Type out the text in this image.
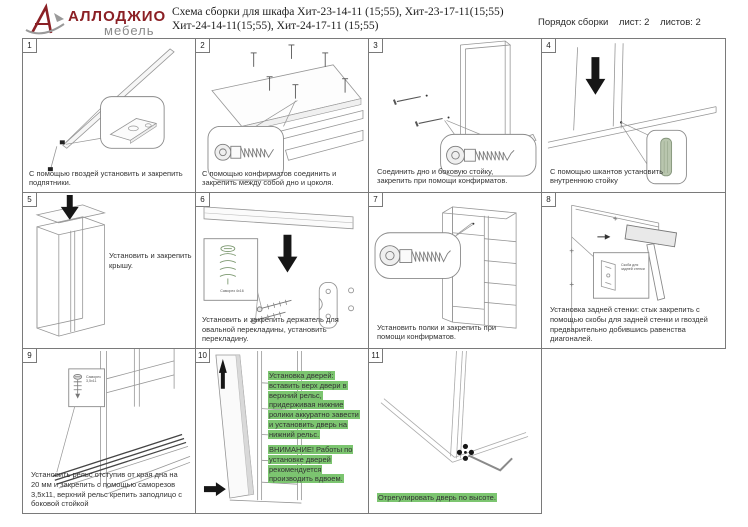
АЛЛОДЖИО
мебель
Схема сборки для шкафа Хит-23-14-11 (15;55), Хит-23-17-11(15;55)
Хит-24-14-11(15;55), Хит-24-17-11 (15;55)	Порядок сборки лист: 2 листов: 2
1
С помощью гвоздей установить и закрепить подпятники.
2
С помощью конфирматов соединить и закрепить между собой дно и цоколя.
3
Соединить дно и боковую стойку, закрепить при помощи конфирматов.
4
С помощью шкантов установить внутреннюю стойку
5
Установить и закрепить крышу.
6
Саморез 4х16
Установить и закрепить держатель для овальной перекладины, установить перекладину.
7
Установить полки и закрепить при помощи конфирматов.
8
Скоба для задней стенки
Установка задней стенки: стык закрепить с помощью скобы для задней стенки и гвоздей предварительно добившись равенства диагоналей.
9
Саморез 3,5х11
Установить рельс отступив от края дна на 20 мм и закрепить с помощью саморезов 3,5х11, верхний рельс крепить заподлицо с боковой стойкой
10
Установка дверей: вставить верх двери в верхний рельс, придерживая нижние ролики аккуратно завести и установить дверь на нижний рельс.
ВНИМАНИЕ! Работы по установке дверей рекомендуется производить вдвоем.
11
Отрегулировать дверь по высоте.
